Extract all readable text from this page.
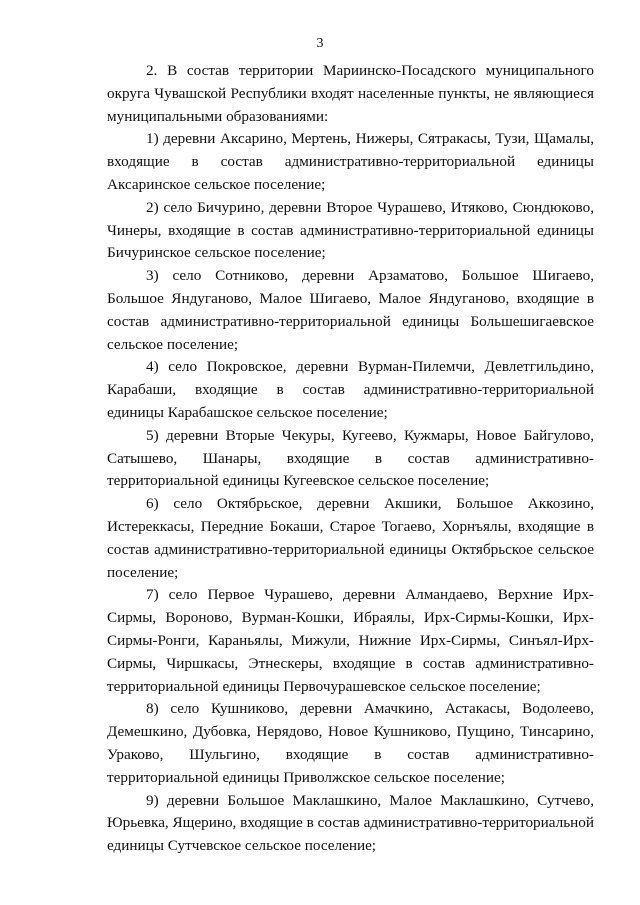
3

2. В состав территории Мариинско-Посадского муниципального округа Чувашской Республики входят населенные пункты, не являющиеся муниципальными образованиями:

1) деревни Аксарино, Мертень, Нижеры, Сятракасы, Тузи, Щамалы, входящие в состав административно-территориальной единицы Аксаринское сельское поселение;

2) село Бичурино, деревни Второе Чурашево, Итяково, Сюндюково, Чинеры, входящие в состав административно-территориальной единицы Бичуринское сельское поселение;

3) село Сотниково, деревни Арзаматово, Большое Шигаево, Большое Яндуганово, Малое Шигаево, Малое Яндуганово, входящие в состав административно-территориальной единицы Большешигаевское сельское поселение;

4) село Покровское, деревни Вурман-Пилемчи, Девлетгильдино, Карабаши, входящие в состав административно-территориальной единицы Карабашское сельское поселение;

5) деревни Вторые Чекуры, Кугеево, Кужмары, Новое Байгулово, Сатышево, Шанары, входящие в состав административно-территориальной единицы Кугеевское сельское поселение;

6) село Октябрьское, деревни Акшики, Большое Аккозино, Истереккасы, Передние Бокаши, Старое Тогаево, Хорнъялы, входящие в состав административно-территориальной единицы Октябрьское сельское поселение;

7) село Первое Чурашево, деревни Алмандаево, Верхние Ирх-Сирмы, Вороново, Вурман-Кошки, Ибраялы, Ирх-Сирмы-Кошки, Ирх-Сирмы-Ронги, Караньялы, Мижули, Нижние Ирх-Сирмы, Синъял-Ирх-Сирмы, Чиршкасы, Этнескеры, входящие в состав административно-территориальной единицы Первочурашевское сельское поселение;

8) село Кушниково, деревни Амачкино, Астакасы, Водолеево, Демешкино, Дубовка, Нерядово, Новое Кушниково, Пущино, Тинсарино, Ураково, Шульгино, входящие в состав административно-территориальной единицы Приволжское сельское поселение;

9) деревни Большое Маклашкино, Малое Маклашкино, Сутчево, Юрьевка, Ящерино, входящие в состав административно-территориальной единицы Сутчевское сельское поселение;
